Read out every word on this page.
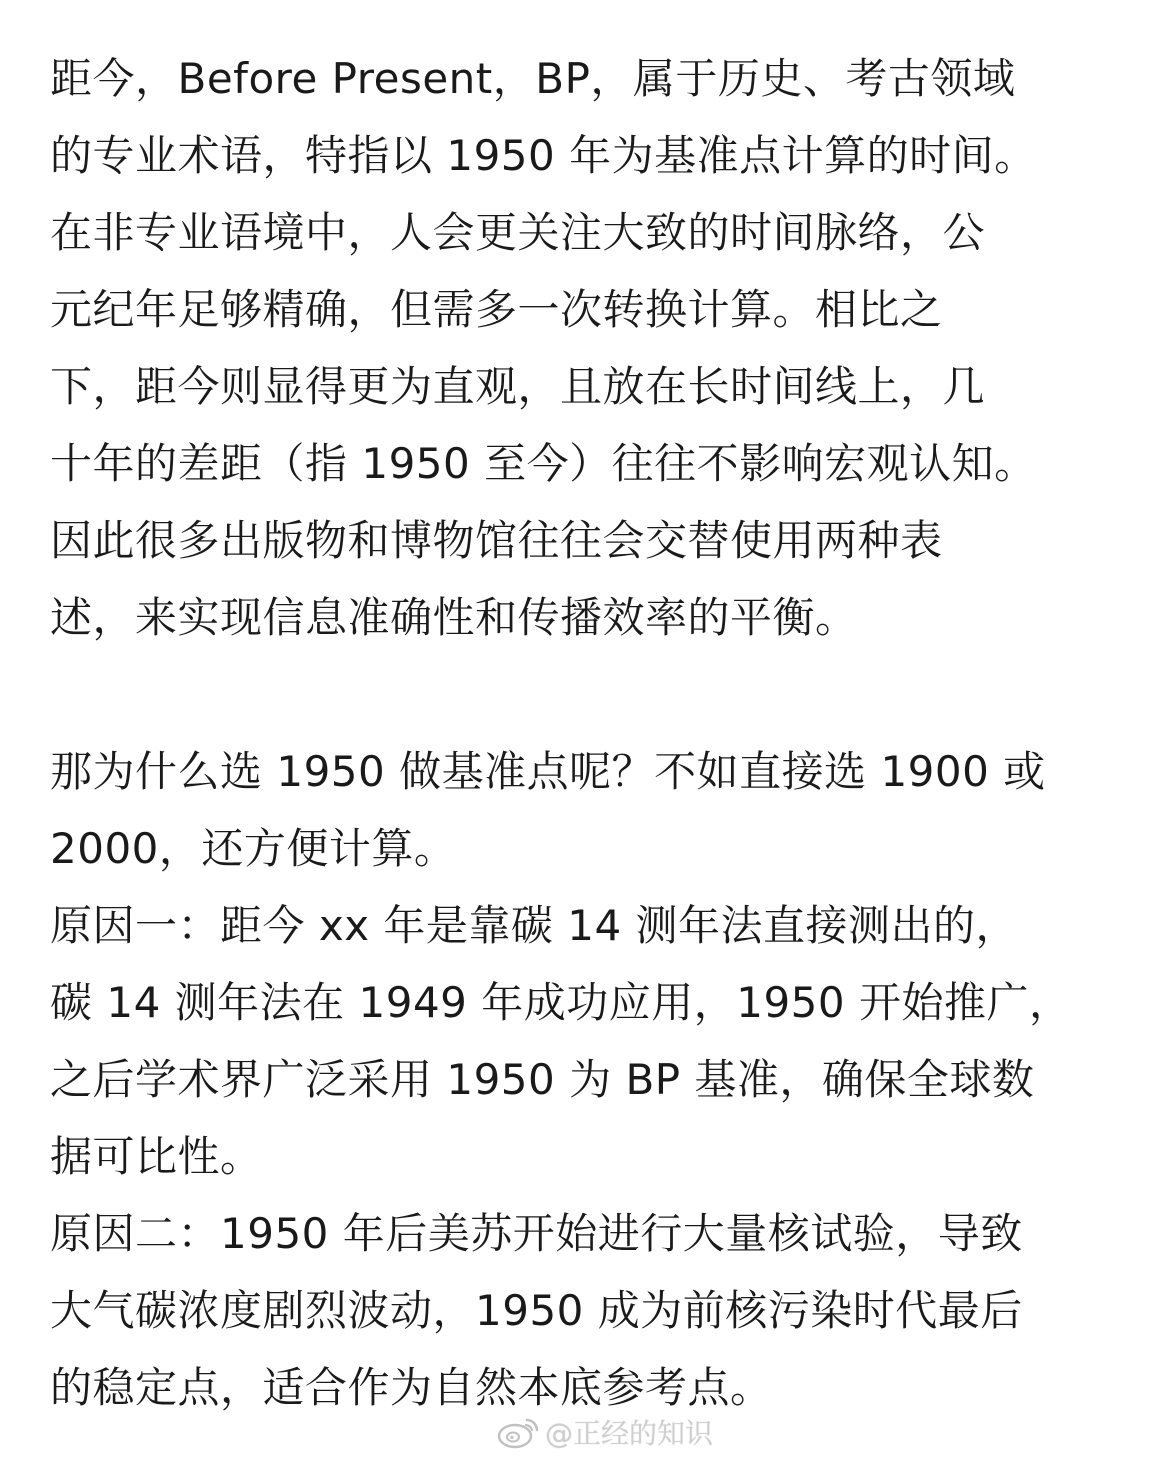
距今，Before Present，BP，属于历史、考古领域
的专业术语，特指以 1950 年为基准点计算的时间。
在非专业语境中，人会更关注大致的时间脉络，公
元纪年足够精确，但需多一次转换计算。相比之
下，距今则显得更为直观，且放在长时间线上，几
十年的差距（指 1950 至今）往往不影响宏观认知。
因此很多出版物和博物馆往往会交替使用两种表
述，来实现信息准确性和传播效率的平衡。
那为什么选 1950 做基准点呢？不如直接选 1900 或
2000，还方便计算。
原因一：距今 xx 年是靠碳 14 测年法直接测出的，
碳 14 测年法在 1949 年成功应用，1950 开始推广，
之后学术界广泛采用 1950 为 BP 基准，确保全球数
据可比性。
原因二：1950 年后美苏开始进行大量核试验，导致
大气碳浓度剧烈波动，1950 成为前核污染时代最后
的稳定点，适合作为自然本底参考点。
@正经的知识
